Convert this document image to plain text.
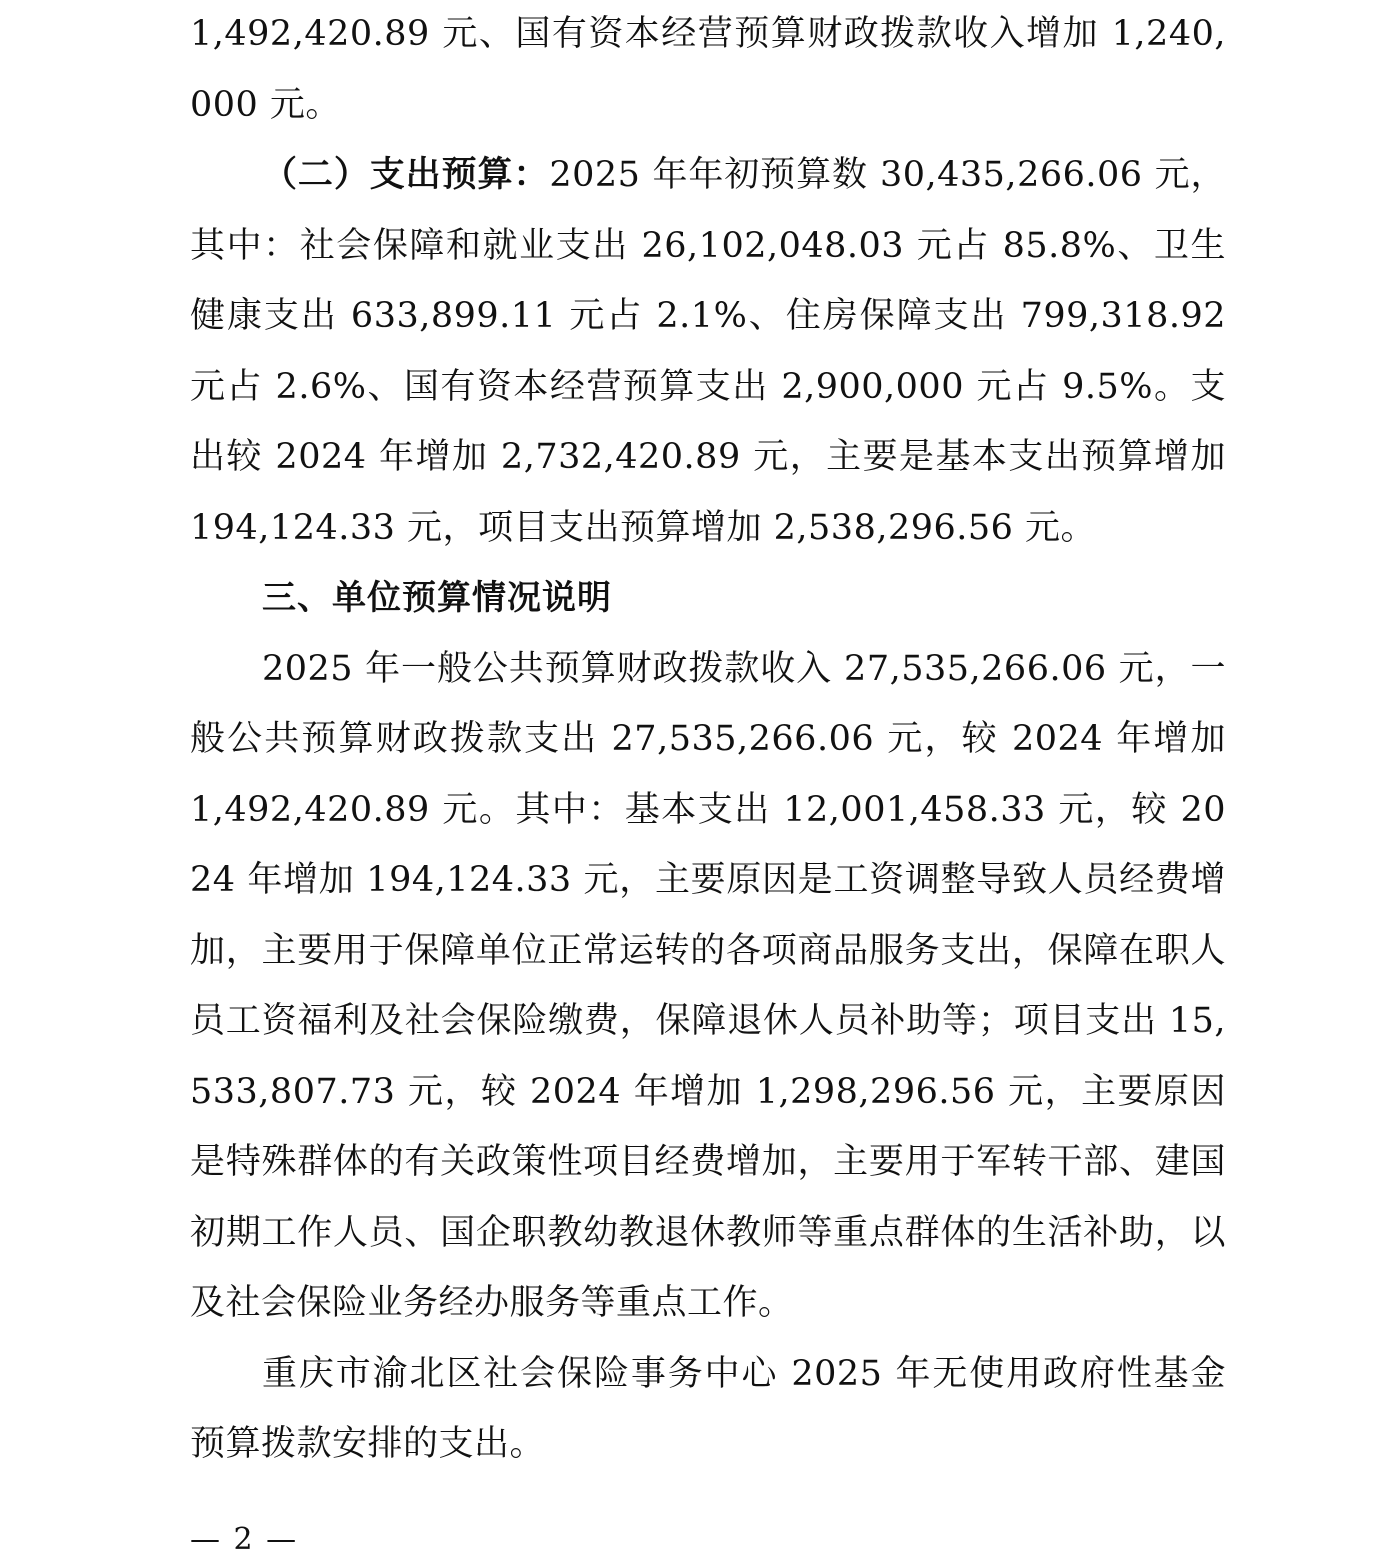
1,492,420.89 元、国有资本经营预算财政拨款收入增加 1,240,000 元。

（二）支出预算：2025 年年初预算数 30,435,266.06 元，其中：社会保障和就业支出 26,102,048.03 元占 85.8%、卫生健康支出 633,899.11 元占 2.1%、住房保障支出 799,318.92 元占 2.6%、国有资本经营预算支出 2,900,000 元占 9.5%。支出较 2024 年增加 2,732,420.89 元，主要是基本支出预算增加 194,124.33 元，项目支出预算增加 2,538,296.56 元。

三、单位预算情况说明

2025 年一般公共预算财政拨款收入 27,535,266.06 元，一般公共预算财政拨款支出 27,535,266.06 元，较 2024 年增加 1,492,420.89 元。其中：基本支出 12,001,458.33 元，较 2024 年增加 194,124.33 元，主要原因是工资调整导致人员经费增加，主要用于保障单位正常运转的各项商品服务支出，保障在职人员工资福利及社会保险缴费，保障退休人员补助等；项目支出 15,533,807.73 元，较 2024 年增加 1,298,296.56 元，主要原因是特殊群体的有关政策性项目经费增加，主要用于军转干部、建国初期工作人员、国企职教幼教退休教师等重点群体的生活补助，以及社会保险业务经办服务等重点工作。

重庆市渝北区社会保险事务中心 2025 年无使用政府性基金预算拨款安排的支出。

— 2 —
